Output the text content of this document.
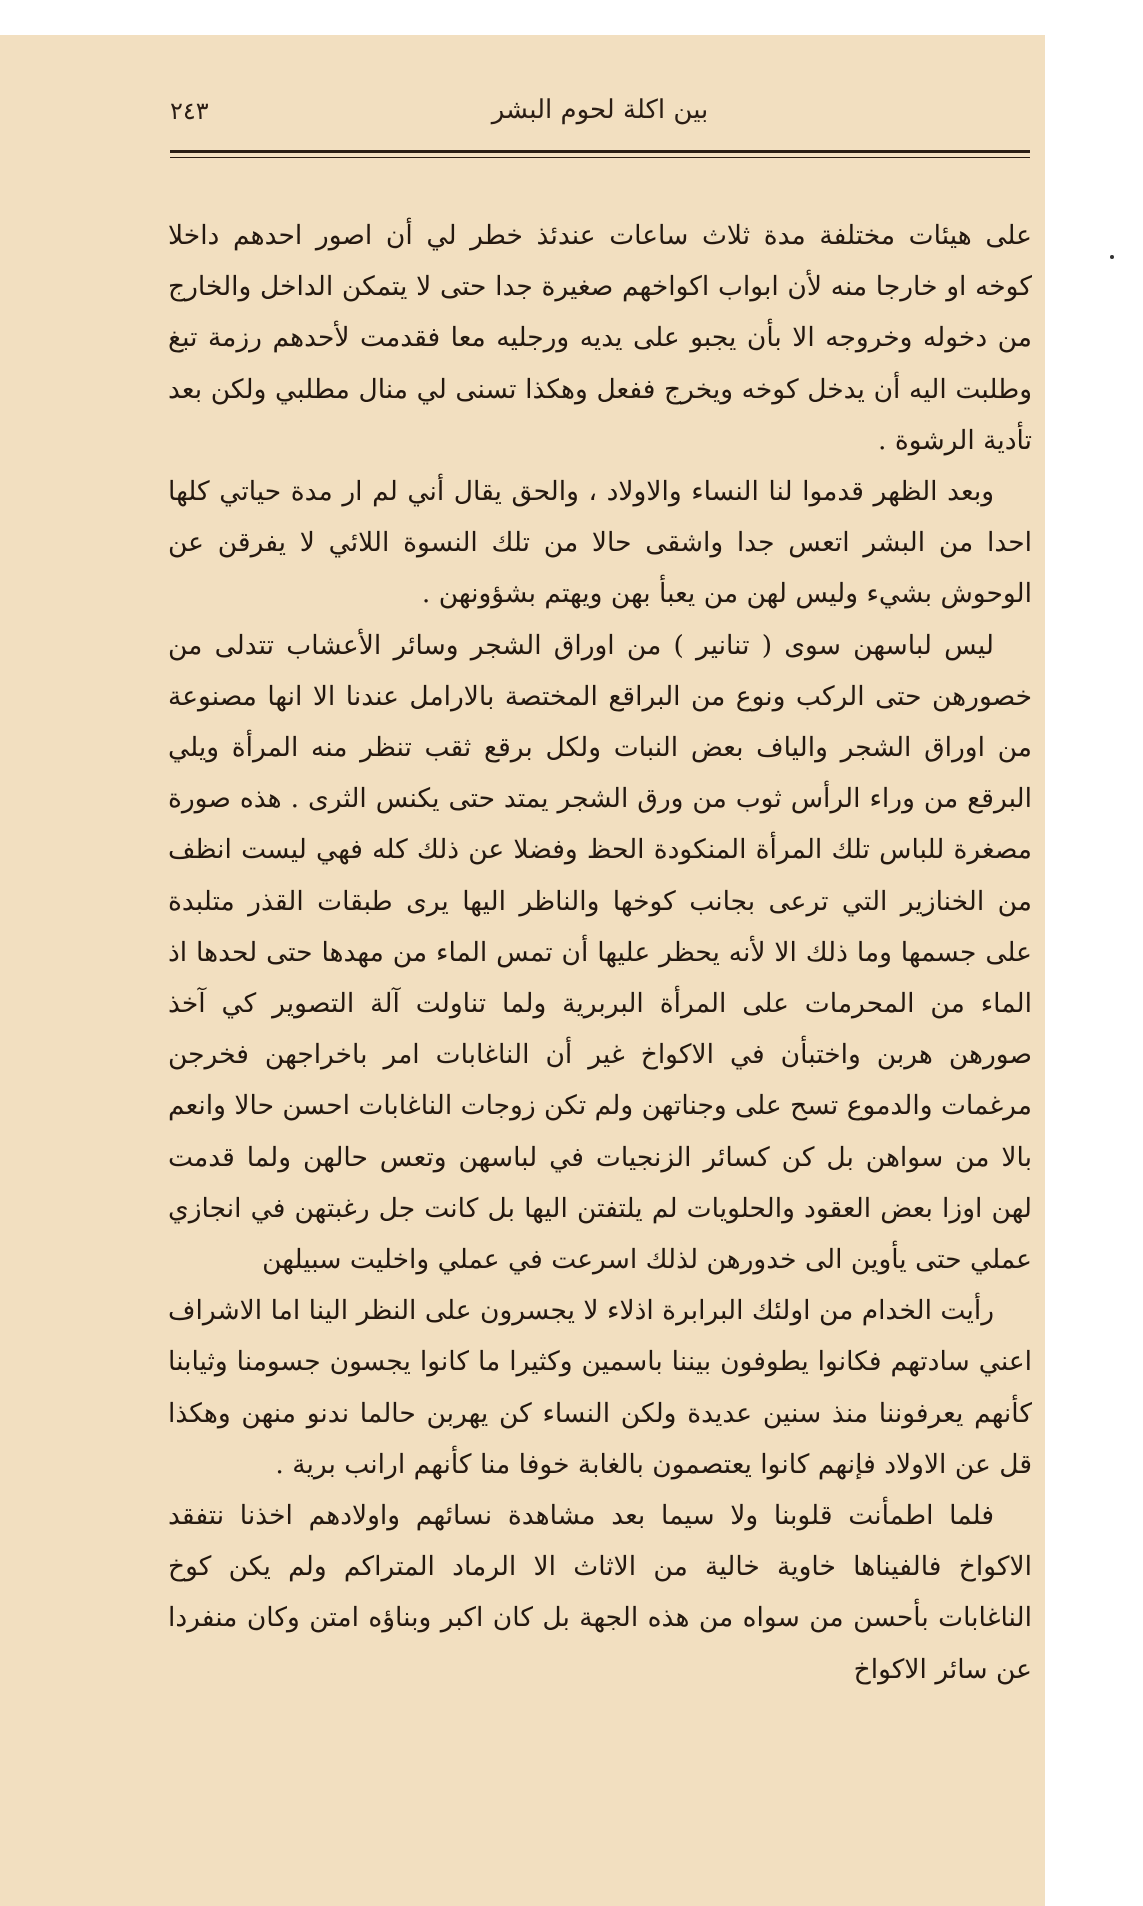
بين اكلة لحوم البشر
٢٤٣

على هيئات مختلفة مدة ثلاث ساعات عندئذ خطر لي أن اصور احدهم داخلا كوخه او خارجا منه لأن ابواب اكواخهم صغيرة جدا حتى لا يتمكن الداخل والخارج من دخوله وخروجه الا بأن يجبو على يديه ورجليه معا فقدمت لأحدهم رزمة تبغ وطلبت اليه أن يدخل كوخه ويخرج ففعل وهكذا تسنى لي منال مطلبي ولكن بعد تأدية الرشوة .

وبعد الظهر قدموا لنا النساء والاولاد ، والحق يقال أني لم ار مدة حياتي كلها احدا من البشر اتعس جدا واشقى حالا من تلك النسوة اللائي لا يفرقن عن الوحوش بشيء وليس لهن من يعبأ بهن ويهتم بشؤونهن .

ليس لباسهن سوى ( تنانير ) من اوراق الشجر وسائر الأعشاب تتدلى من خصورهن حتى الركب ونوع من البراقع المختصة بالارامل عندنا الا انها مصنوعة من اوراق الشجر والياف بعض النبات ولكل برقع ثقب تنظر منه المرأة ويلي البرقع من وراء الرأس ثوب من ورق الشجر يمتد حتى يكنس الثرى . هذه صورة مصغرة للباس تلك المرأة المنكودة الحظ وفضلا عن ذلك كله فهي ليست انظف من الخنازير التي ترعى بجانب كوخها والناظر اليها يرى طبقات القذر متلبدة على جسمها وما ذلك الا لأنه يحظر عليها أن تمس الماء من مهدها حتى لحدها اذ الماء من المحرمات على المرأة البربرية ولما تناولت آلة التصوير كي آخذ صورهن هربن واختبأن في الاكواخ غير أن الناغابات امر باخراجهن فخرجن مرغمات والدموع تسح على وجناتهن ولم تكن زوجات الناغابات احسن حالا وانعم بالا من سواهن بل كن كسائر الزنجيات في لباسهن وتعس حالهن ولما قدمت لهن اوزا بعض العقود والحلويات لم يلتفتن اليها بل كانت جل رغبتهن في انجازي عملي حتى يأوين الى خدورهن لذلك اسرعت في عملي واخليت سبيلهن

رأيت الخدام من اولئك البرابرة اذلاء لا يجسرون على النظر الينا اما الاشراف اعني سادتهم فكانوا يطوفون بيننا باسمين وكثيرا ما كانوا يجسون جسومنا وثيابنا كأنهم يعرفوننا منذ سنين عديدة ولكن النساء كن يهربن حالما ندنو منهن وهكذا قل عن الاولاد فإنهم كانوا يعتصمون بالغابة خوفا منا كأنهم ارانب برية .

فلما اطمأنت قلوبنا ولا سيما بعد مشاهدة نسائهم واولادهم اخذنا نتفقد الاكواخ فالفيناها خاوية خالية من الاثاث الا الرماد المتراكم ولم يكن كوخ الناغابات بأحسن من سواه من هذه الجهة بل كان اكبر وبناؤه امتن وكان منفردا عن سائر الاكواخ
